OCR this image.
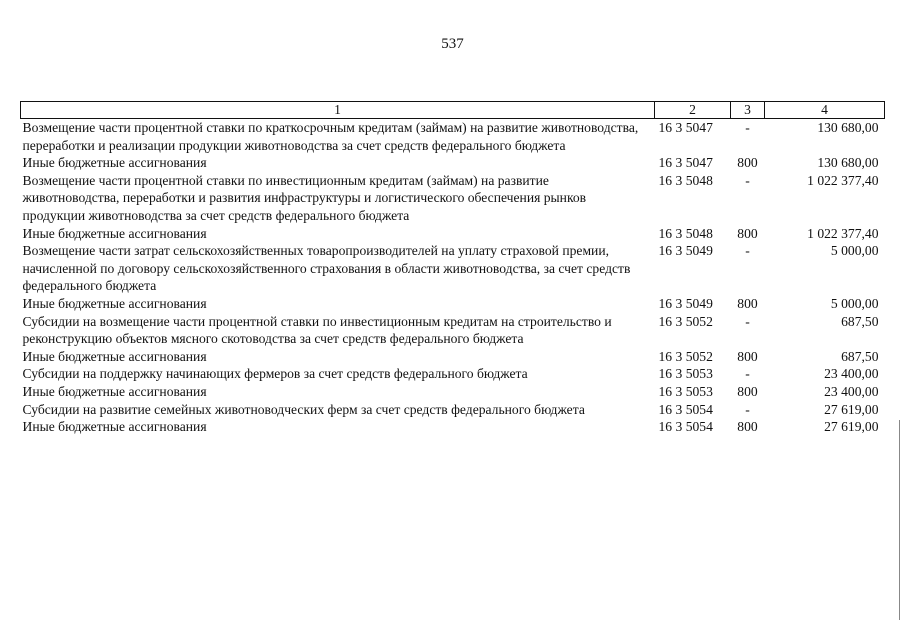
537
1	2	3	4
Возмещение части процентной ставки по краткосрочным кредитам (займам) на развитие животноводства, переработки и реализации продукции животноводства за счет средств федерального бюджета	16 3 5047	-	130 680,00
Иные бюджетные ассигнования	16 3 5047	800	130 680,00
Возмещение части процентной ставки по инвестиционным кредитам (займам) на развитие животноводства, переработки и развития инфраструктуры и логистического обеспечения рынков продукции животноводства за счет средств федерального бюджета	16 3 5048	-	1 022 377,40
Иные бюджетные ассигнования	16 3 5048	800	1 022 377,40
Возмещение части затрат сельскохозяйственных товаропроизводителей на уплату страховой премии, начисленной по договору сельскохозяйственного страхования в области животноводства, за счет средств федерального бюджета	16 3 5049	-	5 000,00
Иные бюджетные ассигнования	16 3 5049	800	5 000,00
Субсидии на возмещение части процентной ставки по инвестиционным кредитам на строительство и реконструкцию объектов мясного скотоводства за счет средств федерального бюджета	16 3 5052	-	687,50
Иные бюджетные ассигнования	16 3 5052	800	687,50
Субсидии на поддержку начинающих фермеров за счет средств федерального бюджета	16 3 5053	-	23 400,00
Иные бюджетные ассигнования	16 3 5053	800	23 400,00
Субсидии на развитие семейных животноводческих ферм за счет средств федерального бюджета	16 3 5054	-	27 619,00
Иные бюджетные ассигнования	16 3 5054	800	27 619,00
